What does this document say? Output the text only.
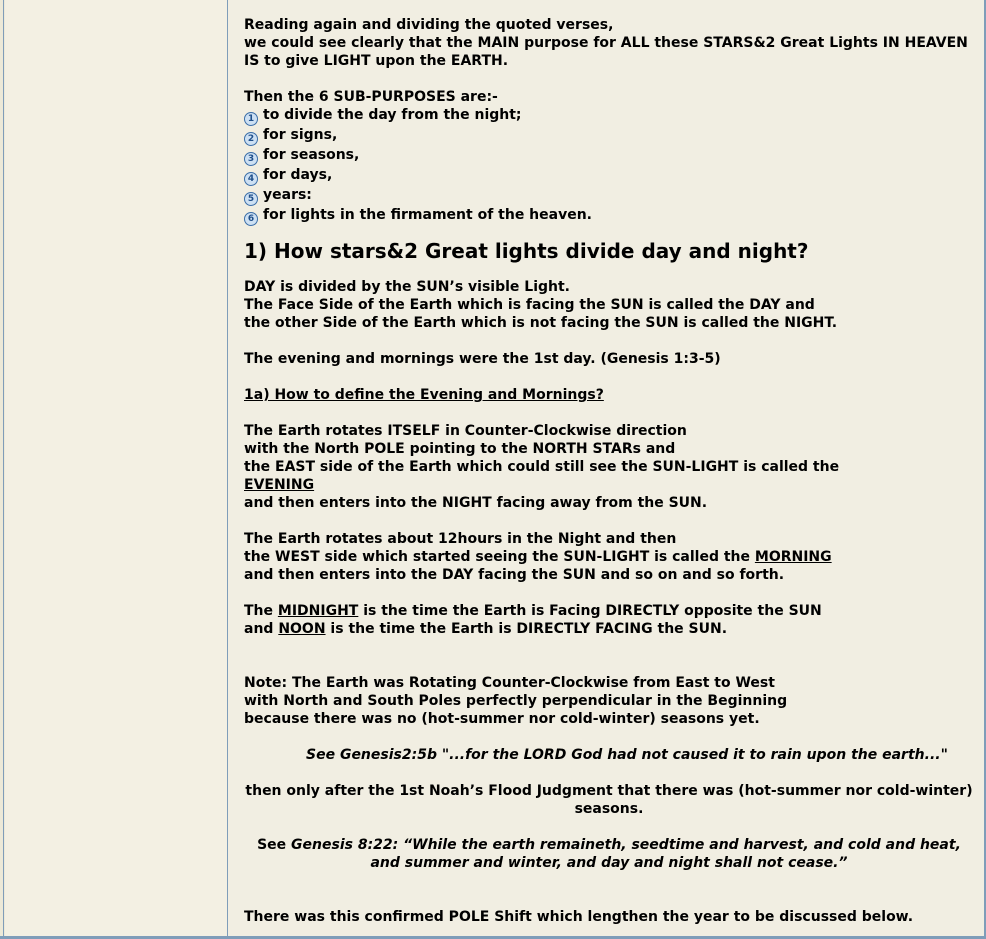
Reading again and dividing the quoted verses,
we could see clearly that the MAIN purpose for ALL these STARS&2 Great Lights IN HEAVEN
IS to give LIGHT upon the EARTH.
Then the 6 SUB-PURPOSES are:-
1 to divide the day from the night;
2 for signs,
3 for seasons,
4 for days,
5 years:
6 for lights in the firmament of the heaven.
1) How stars&2 Great lights divide day and night?
DAY is divided by the SUN’s visible Light.
The Face Side of the Earth which is facing the SUN is called the DAY and
the other Side of the Earth which is not facing the SUN is called the NIGHT.
The evening and mornings were the 1st day. (Genesis 1:3-5)
1a) How to define the Evening and Mornings?
The Earth rotates ITSELF in Counter-Clockwise direction
with the North POLE pointing to the NORTH STARs and
the EAST side of the Earth which could still see the SUN-LIGHT is called the
EVENING
and then enters into the NIGHT facing away from the SUN.
The Earth rotates about 12hours in the Night and then
the WEST side which started seeing the SUN-LIGHT is called the MORNING
and then enters into the DAY facing the SUN and so on and so forth.
The MIDNIGHT is the time the Earth is Facing DIRECTLY opposite the SUN
and NOON is the time the Earth is DIRECTLY FACING the SUN.
Note: The Earth was Rotating Counter-Clockwise from East to West
with North and South Poles perfectly perpendicular in the Beginning
because there was no (hot-summer nor cold-winter) seasons yet.
See Genesis2:5b "...for the LORD God had not caused it to rain upon the earth..."
then only after the 1st Noah’s Flood Judgment that there was (hot-summer nor cold-winter)
seasons.
See Genesis 8:22: “While the earth remaineth, seedtime and harvest, and cold and heat,
and summer and winter, and day and night shall not cease.”
There was this confirmed POLE Shift which lengthen the year to be discussed below.
